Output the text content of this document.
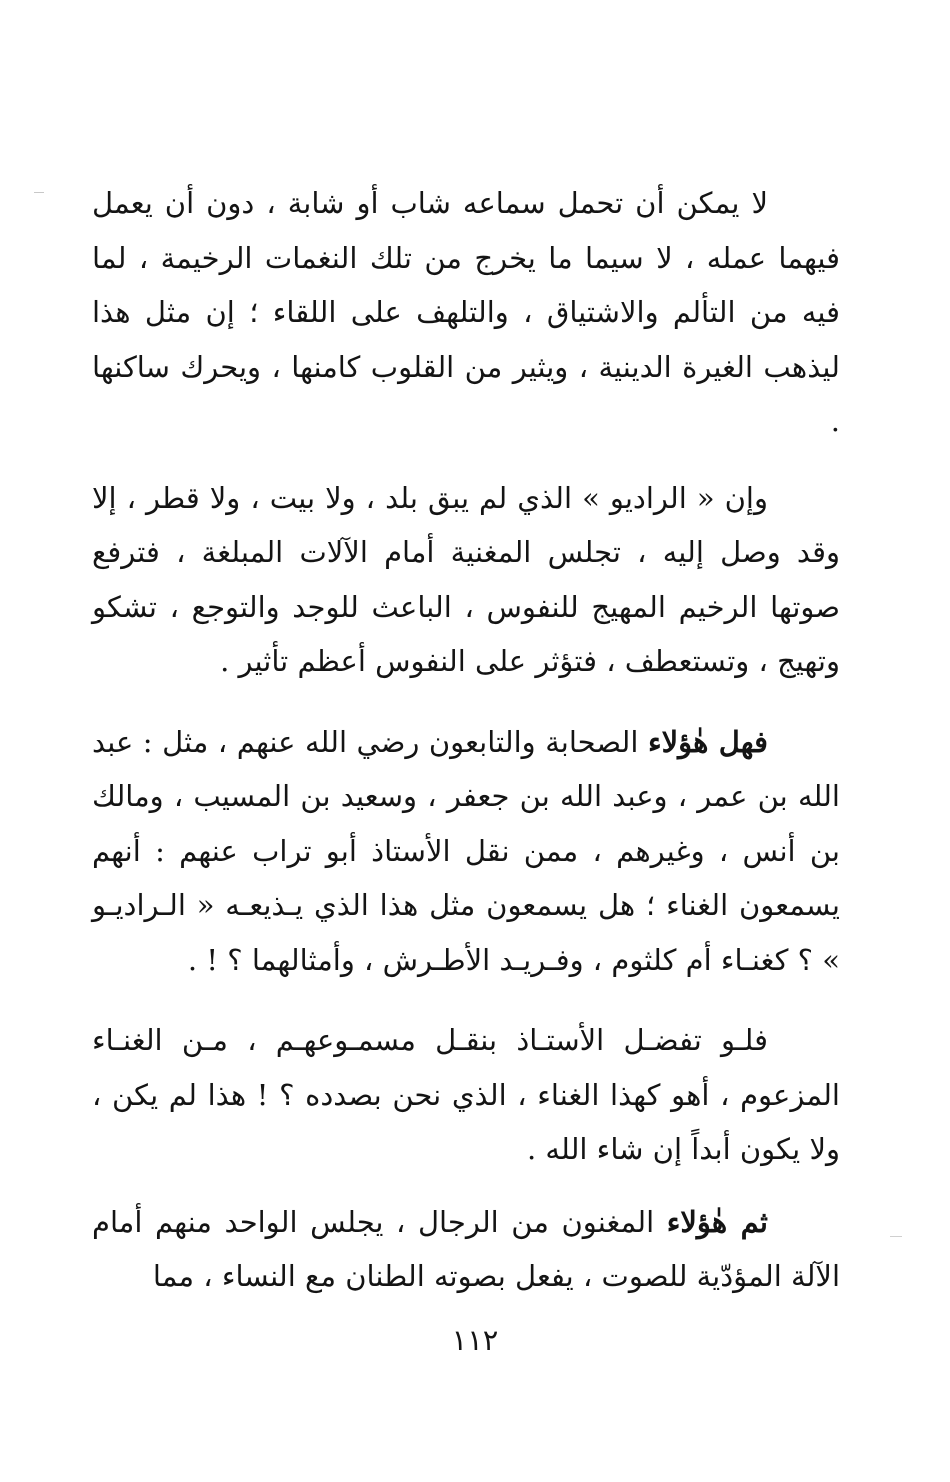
لا يمكن أن تحمل سماعه شاب أو شابة ، دون أن يعمل فيهما عمله ، لا سيما ما يخرج من تلك النغمات الرخيمة ، لما فيه من التألم والاشتياق ، والتلهف على اللقاء ؛ إن مثل هذا ليذهب الغيرة الدينية ، ويثير من القلوب كامنها ، ويحرك ساكنها .

وإن « الراديو » الذي لم يبق بلد ، ولا بيت ، ولا قطر ، إلا وقد وصل إليه ، تجلس المغنية أمام الآلات المبلغة ، فترفع صوتها الرخيم المهيج للنفوس ، الباعث للوجد والتوجع ، تشكو وتهيج ، وتستعطف ، فتؤثر على النفوس أعظم تأثير .

فهل هٰؤلاء الصحابة والتابعون رضي الله عنهم ، مثل : عبد الله بن عمر ، وعبد الله بن جعفر ، وسعيد بن المسيب ، ومالك بن أنس ، وغيرهم ، ممن نقل الأستاذ أبو تراب عنهم : أنهم يسمعون الغناء ؛ هل يسمعون مثل هذا الذي يـذيعـه « الـراديـو » ؟ كغنـاء أم كلثوم ، وفـريـد الأطـرش ، وأمثالهما ؟ ! .

فلـو تفضـل الأستـاذ بنقـل مسمـوعهـم ، مـن الغنـاء المزعوم ، أهو كهذا الغناء ، الذي نحن بصدده ؟ ! هذا لم يكن ، ولا يكون أبداً إن شاء الله .

ثم هٰؤلاء المغنون من الرجال ، يجلس الواحد منهم أمام الآلة المؤدّية للصوت ، يفعل بصوته الطنان مع النساء ، مما

١١٢
